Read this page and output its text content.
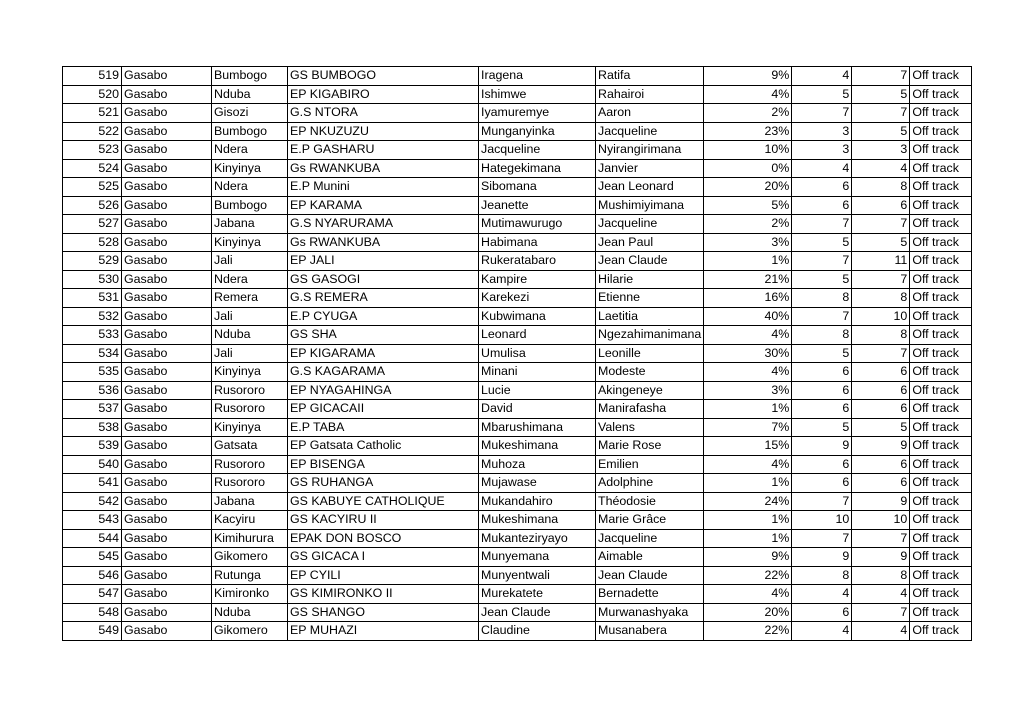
519	Gasabo	Bumbogo	GS BUMBOGO	Iragena	Ratifa	9%	4	7	Off track
520	Gasabo	Nduba	EP KIGABIRO	Ishimwe	Rahairoi	4%	5	5	Off track
521	Gasabo	Gisozi	G.S NTORA	Iyamuremye	Aaron	2%	7	7	Off track
522	Gasabo	Bumbogo	EP NKUZUZU	Munganyinka	Jacqueline	23%	3	5	Off track
523	Gasabo	Ndera	E.P GASHARU	Jacqueline	Nyirangirimana	10%	3	3	Off track
524	Gasabo	Kinyinya	Gs RWANKUBA	Hategekimana	Janvier	0%	4	4	Off track
525	Gasabo	Ndera	E.P Munini	Sibomana	Jean Leonard	20%	6	8	Off track
526	Gasabo	Bumbogo	EP KARAMA	Jeanette	Mushimiyimana	5%	6	6	Off track
527	Gasabo	Jabana	G.S NYARURAMA	Mutimawurugo	Jacqueline	2%	7	7	Off track
528	Gasabo	Kinyinya	Gs RWANKUBA	Habimana	Jean Paul	3%	5	5	Off track
529	Gasabo	Jali	EP JALI	Rukeratabaro	Jean Claude	1%	7	11	Off track
530	Gasabo	Ndera	GS GASOGI	Kampire	Hilarie	21%	5	7	Off track
531	Gasabo	Remera	G.S REMERA	Karekezi	Etienne	16%	8	8	Off track
532	Gasabo	Jali	E.P CYUGA	Kubwimana	Laetitia	40%	7	10	Off track
533	Gasabo	Nduba	GS SHA	Leonard	Ngezahimanimana	4%	8	8	Off track
534	Gasabo	Jali	EP KIGARAMA	Umulisa	Leonille	30%	5	7	Off track
535	Gasabo	Kinyinya	G.S KAGARAMA	Minani	Modeste	4%	6	6	Off track
536	Gasabo	Rusororo	EP NYAGAHINGA	Lucie	Akingeneye	3%	6	6	Off track
537	Gasabo	Rusororo	EP GICACAII	David	Manirafasha	1%	6	6	Off track
538	Gasabo	Kinyinya	E.P TABA	Mbarushimana	Valens	7%	5	5	Off track
539	Gasabo	Gatsata	EP Gatsata Catholic	Mukeshimana	Marie Rose	15%	9	9	Off track
540	Gasabo	Rusororo	EP BISENGA	Muhoza	Emilien	4%	6	6	Off track
541	Gasabo	Rusororo	GS RUHANGA	Mujawase	Adolphine	1%	6	6	Off track
542	Gasabo	Jabana	GS KABUYE CATHOLIQUE	Mukandahiro	Théodosie	24%	7	9	Off track
543	Gasabo	Kacyiru	GS KACYIRU II	Mukeshimana	Marie Grâce	1%	10	10	Off track
544	Gasabo	Kimihurura	EPAK DON BOSCO	Mukanteziryayo	Jacqueline	1%	7	7	Off track
545	Gasabo	Gikomero	GS GICACA I	Munyemana	Aimable	9%	9	9	Off track
546	Gasabo	Rutunga	EP CYILI	Munyentwali	Jean Claude	22%	8	8	Off track
547	Gasabo	Kimironko	GS KIMIRONKO II	Murekatete	Bernadette	4%	4	4	Off track
548	Gasabo	Nduba	GS SHANGO	Jean Claude	Murwanashyaka	20%	6	7	Off track
549	Gasabo	Gikomero	EP MUHAZI	Claudine	Musanabera	22%	4	4	Off track
